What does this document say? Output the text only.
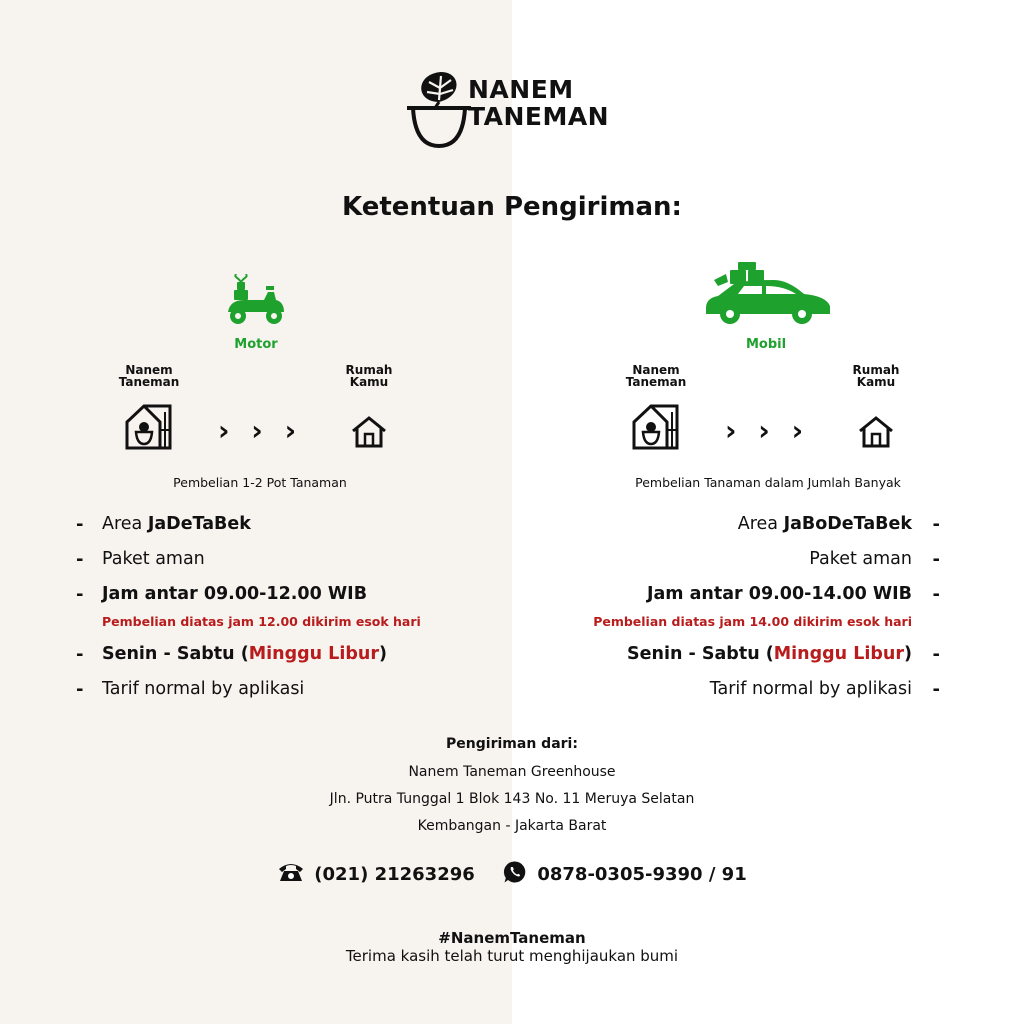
NANEM
TANEMAN
Ketentuan Pengiriman:
Motor
Nanem
Taneman
Rumah
Kamu
› › ›
Pembelian 1-2 Pot Tanaman
- Area JaDeTaBek
- Paket aman
- Jam antar 09.00-12.00 WIB
Pembelian diatas jam 12.00 dikirim esok hari
- Senin - Sabtu (Minggu Libur)
- Tarif normal by aplikasi
Mobil
Nanem
Taneman
Rumah
Kamu
› › ›
Pembelian Tanaman dalam Jumlah Banyak
-
Area JaBoDeTaBek
-
Paket aman
-
Jam antar 09.00-14.00 WIB
Pembelian diatas jam 14.00 dikirim esok hari
-
Senin - Sabtu (Minggu Libur)
-
Tarif normal by aplikasi
Pengiriman dari:
Nanem Taneman Greenhouse
Jln. Putra Tunggal 1 Blok 143 No. 11 Meruya Selatan
Kembangan - Jakarta Barat
(021) 21263296	0878-0305-9390 / 91
#NanemTaneman
Terima kasih telah turut menghijaukan bumi
